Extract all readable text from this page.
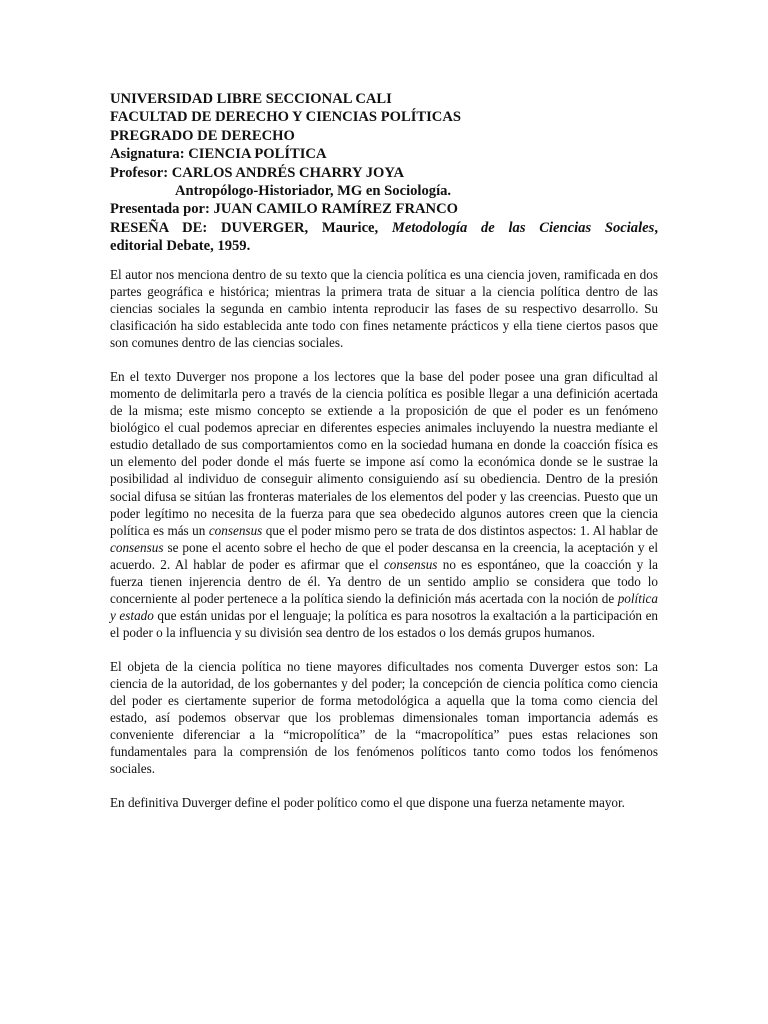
UNIVERSIDAD LIBRE SECCIONAL CALI
FACULTAD DE DERECHO Y CIENCIAS POLÍTICAS
PREGRADO DE DERECHO
Asignatura: CIENCIA POLÍTICA
Profesor: CARLOS ANDRÉS CHARRY JOYA
Antropólogo-Historiador, MG en Sociología.
Presentada por: JUAN CAMILO RAMÍREZ FRANCO
RESEÑA DE: DUVERGER, Maurice, Metodología de las Ciencias Sociales,
editorial Debate, 1959.

El autor nos menciona dentro de su texto que la ciencia política es una ciencia joven, ramificada en dos partes geográfica e histórica; mientras la primera trata de situar a la ciencia política dentro de las ciencias sociales la segunda en cambio intenta reproducir las fases de su respectivo desarrollo. Su clasificación ha sido establecida ante todo con fines netamente prácticos y ella tiene ciertos pasos que son comunes dentro de las ciencias sociales.

En el texto Duverger nos propone a los lectores que la base del poder posee una gran dificultad al momento de delimitarla pero a través de la ciencia política es posible llegar a una definición acertada de la misma; este mismo concepto se extiende a la proposición de que el poder es un fenómeno biológico el cual podemos apreciar en diferentes especies animales incluyendo la nuestra mediante el estudio detallado de sus comportamientos como en la sociedad humana en donde la coacción física es un elemento del poder donde el más fuerte se impone así como la económica donde se le sustrae la posibilidad al individuo de conseguir alimento consiguiendo así su obediencia. Dentro de la presión social difusa se sitúan las fronteras materiales de los elementos del poder y las creencias. Puesto que un poder legítimo no necesita de la fuerza para que sea obedecido algunos autores creen que la ciencia política es más un consensus que el poder mismo pero se trata de dos distintos aspectos: 1. Al hablar de consensus se pone el acento sobre el hecho de que el poder descansa en la creencia, la aceptación y el acuerdo. 2. Al hablar de poder es afirmar que el consensus no es espontáneo, que la coacción y la fuerza tienen injerencia dentro de él. Ya dentro de un sentido amplio se considera que todo lo concerniente al poder pertenece a la política siendo la definición más acertada con la noción de política y estado que están unidas por el lenguaje; la política es para nosotros la exaltación a la participación en el poder o la influencia y su división sea dentro de los estados o los demás grupos humanos.

El objeta de la ciencia política no tiene mayores dificultades nos comenta Duverger estos son: La ciencia de la autoridad, de los gobernantes y del poder; la concepción de ciencia política como ciencia del poder es ciertamente superior de forma metodológica a aquella que la toma como ciencia del estado, así podemos observar que los problemas dimensionales toman importancia además es conveniente diferenciar a la “micropolítica” de la “macropolítica” pues estas relaciones son fundamentales para la comprensión de los fenómenos políticos tanto como todos los fenómenos sociales.

En definitiva Duverger define el poder político como el que dispone una fuerza netamente mayor.
